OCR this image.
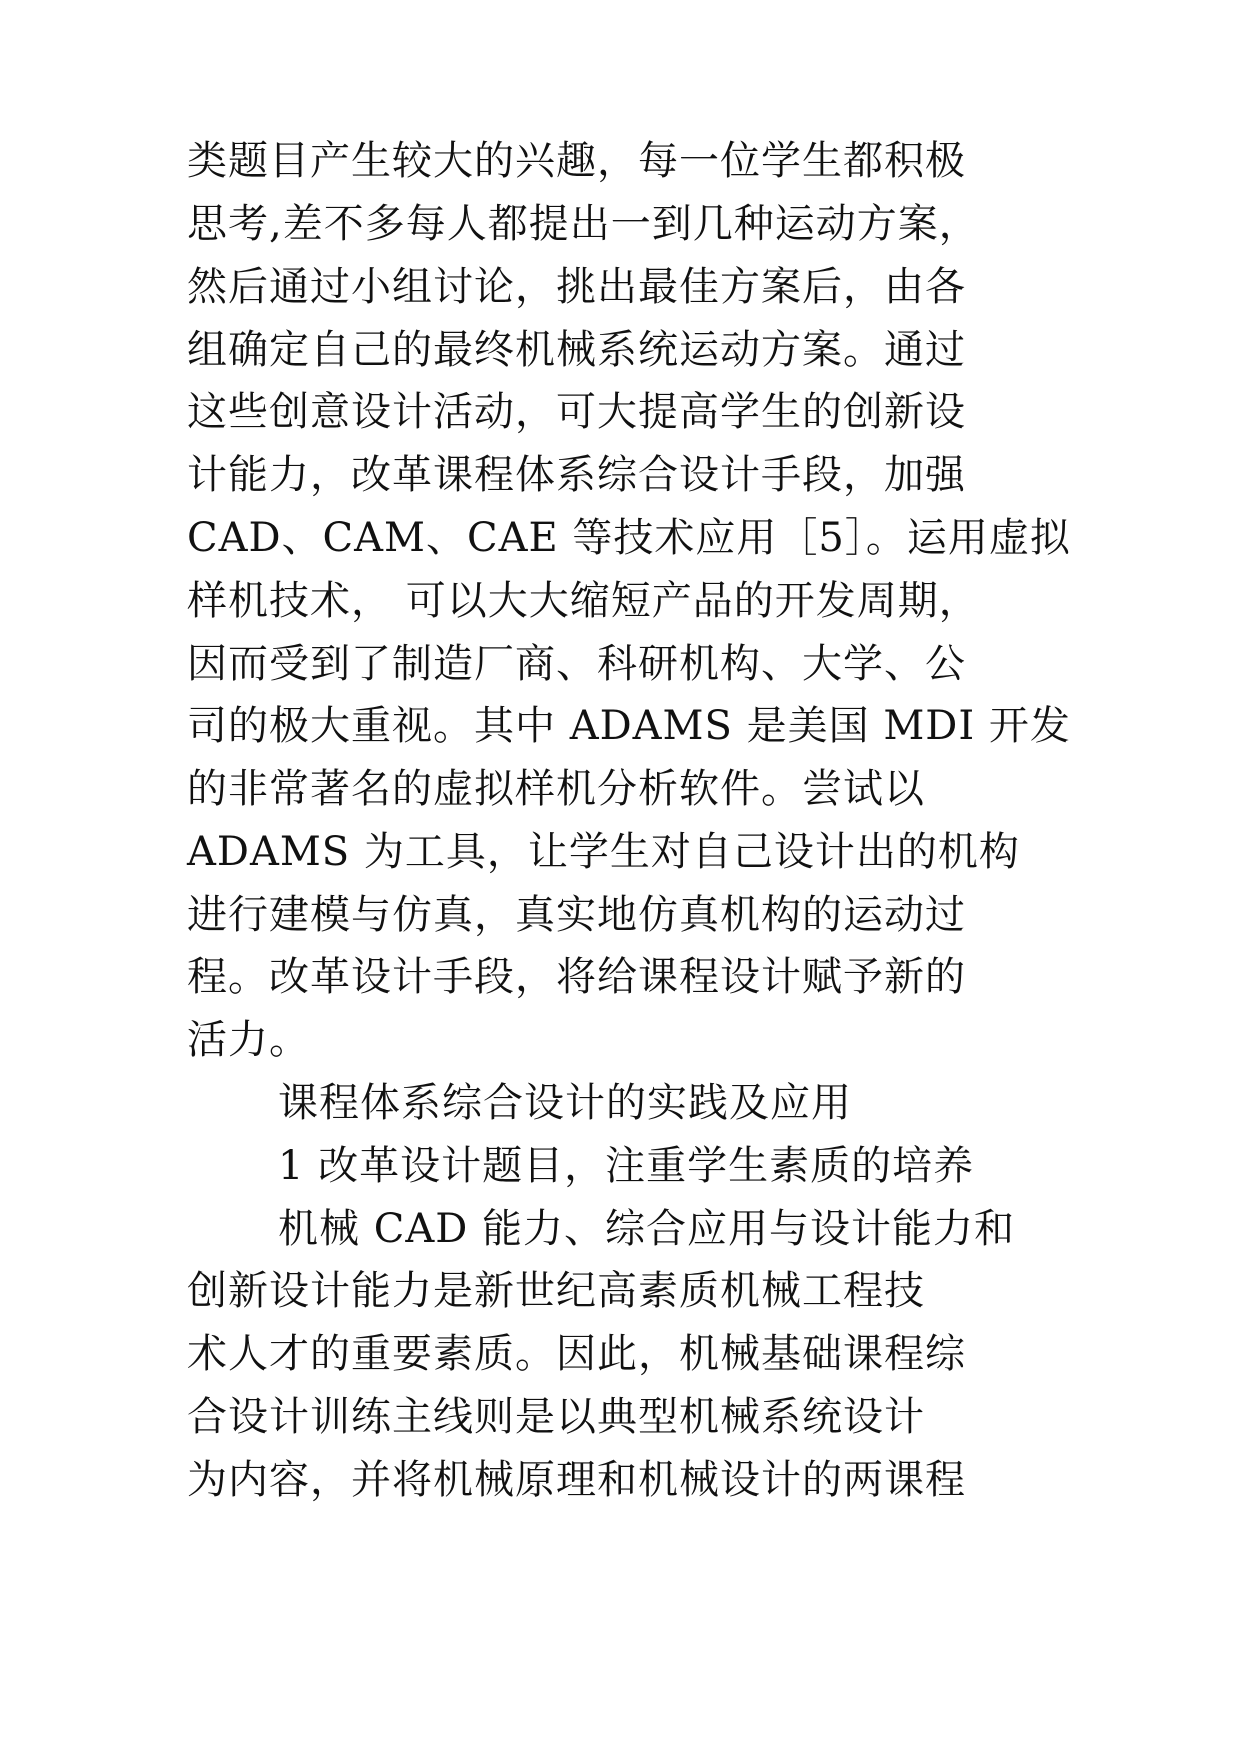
类题目产生较大的兴趣，每一位学生都积极
思考,差不多每人都提出一到几种运动方案，
然后通过小组讨论，挑出最佳方案后，由各
组确定自己的最终机械系统运动方案。通过
这些创意设计活动，可大提高学生的创新设
计能力，改革课程体系综合设计手段，加强
CAD、CAM、CAE 等技术应用［5］。运用虚拟
样机技术， 可以大大缩短产品的开发周期，
因而受到了制造厂商、科研机构、大学、公
司的极大重视。其中 ADAMS 是美国 MDI 开发
的非常著名的虚拟样机分析软件。尝试以
ADAMS 为工具，让学生对自己设计出的机构
进行建模与仿真，真实地仿真机构的运动过
程。改革设计手段，将给课程设计赋予新的
活力。
课程体系综合设计的实践及应用
1 改革设计题目，注重学生素质的培养
机械 CAD 能力、综合应用与设计能力和
创新设计能力是新世纪高素质机械工程技
术人才的重要素质。因此，机械基础课程综
合设计训练主线则是以典型机械系统设计
为内容，并将机械原理和机械设计的两课程
